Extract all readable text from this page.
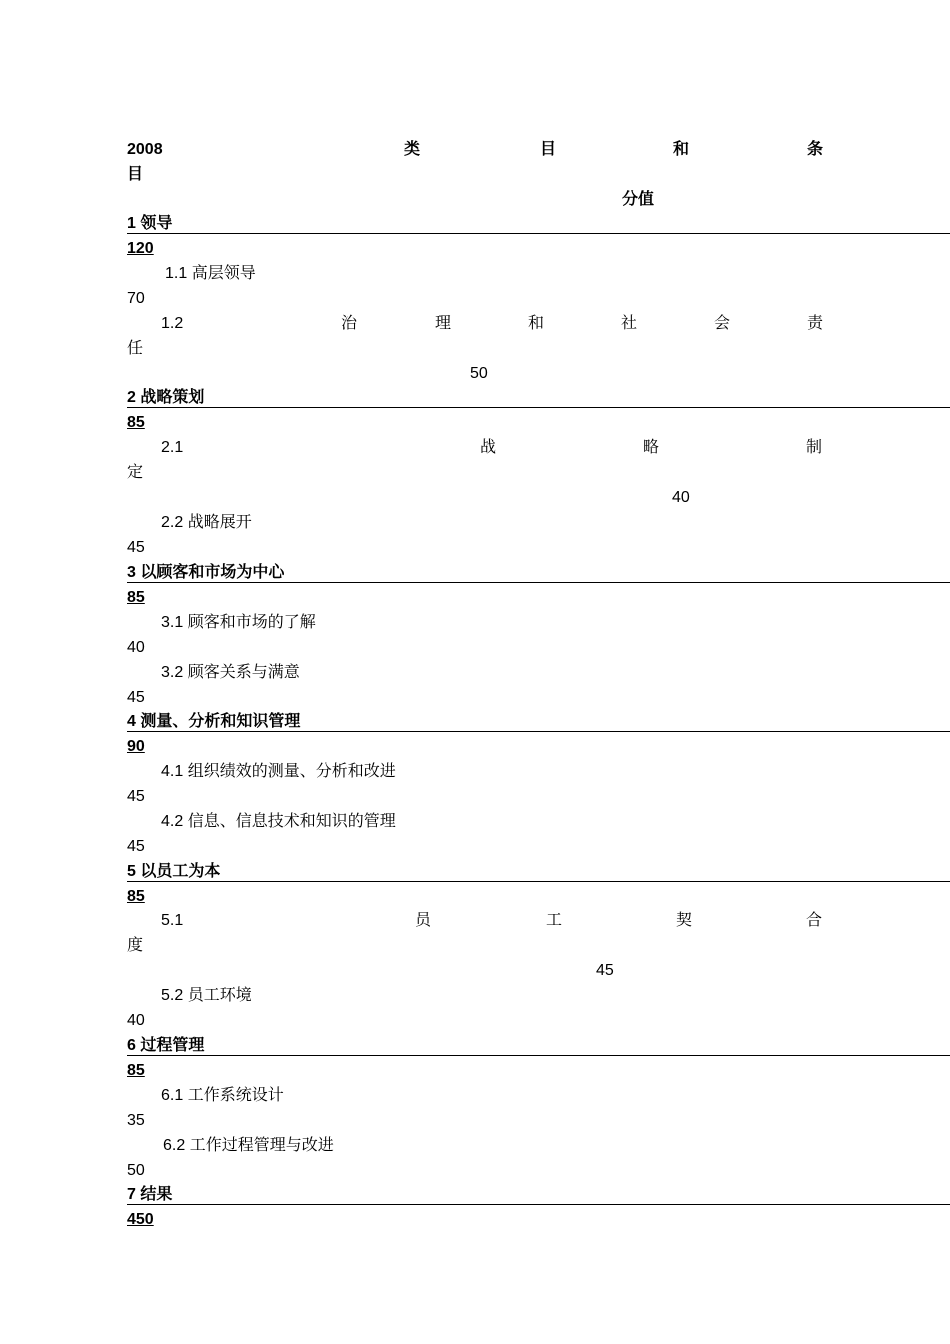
2008	类	目	和	条
目
分值
1 领导
120
1.1 高层领导
70
1.2	治	理	和	社	会	责
任
50
2 战略策划
85
2.1	战	略	制
定
40
2.2 战略展开
45
3 以顾客和市场为中心
85
3.1 顾客和市场的了解
40
3.2 顾客关系与满意
45
4 测量、分析和知识管理
90
4.1 组织绩效的测量、分析和改进
45
4.2 信息、信息技术和知识的管理
45
5 以员工为本
85
5.1	员	工	契	合
度
45
5.2 员工环境
40
6 过程管理
85
6.1 工作系统设计
35
6.2 工作过程管理与改进
50
7 结果
450
